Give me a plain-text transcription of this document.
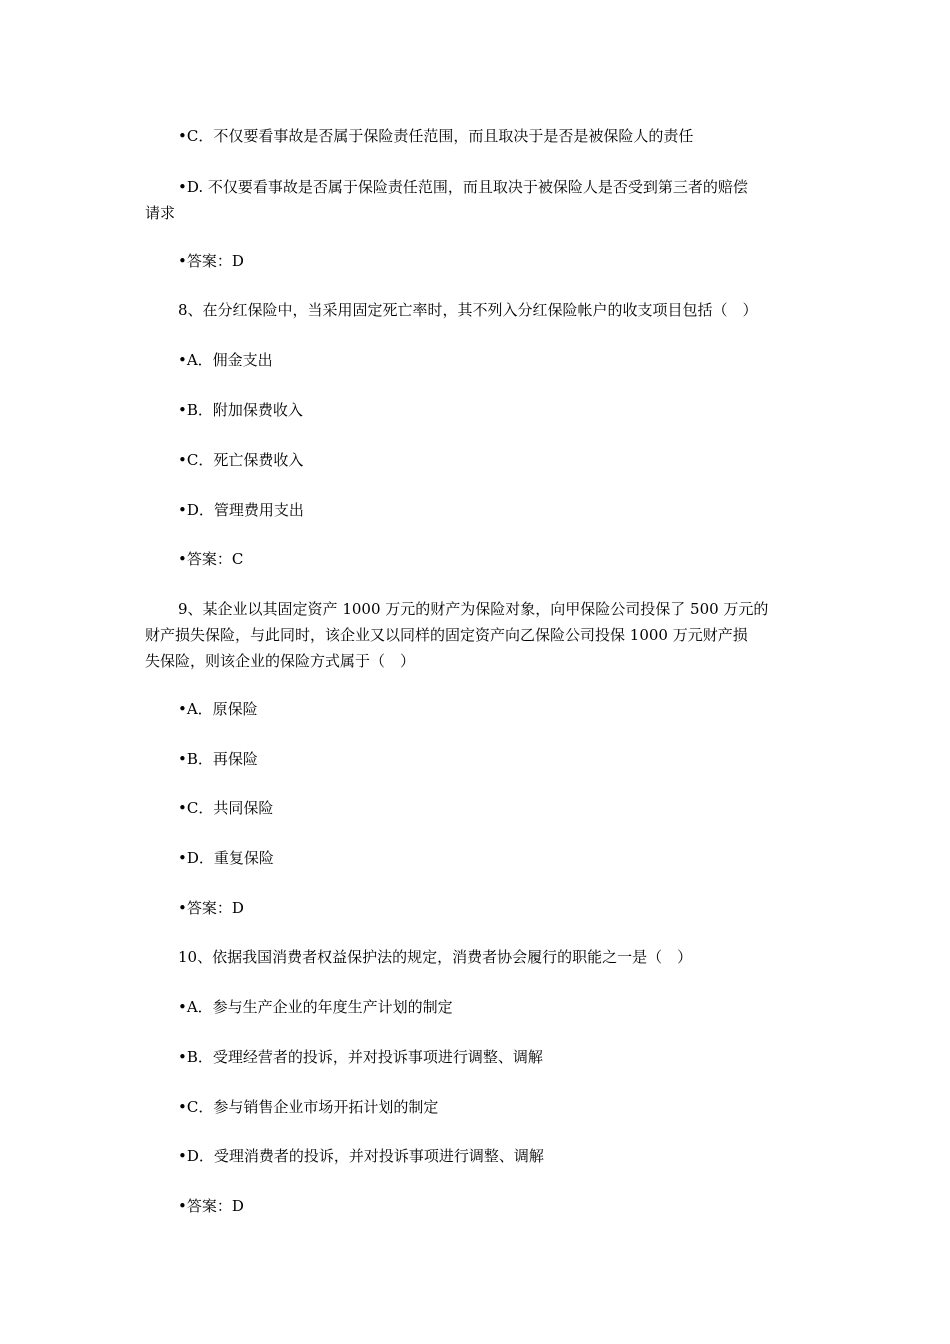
•C．不仅要看事故是否属于保险责任范围，而且取决于是否是被保险人的责任
•D. 不仅要看事故是否属于保险责任范围，而且取决于被保险人是否受到第三者的赔偿
请求
•答案：D
8、在分红保险中，当采用固定死亡率时，其不列入分红保险帐户的收支项目包括（　）
•A．佣金支出
•B．附加保费收入
•C．死亡保费收入
•D．管理费用支出
•答案：C
9、某企业以其固定资产 1000 万元的财产为保险对象，向甲保险公司投保了 500 万元的
财产损失保险，与此同时，该企业又以同样的固定资产向乙保险公司投保 1000 万元财产损
失保险，则该企业的保险方式属于（　）
•A．原保险
•B．再保险
•C．共同保险
•D．重复保险
•答案：D
10、依据我国消费者权益保护法的规定，消费者协会履行的职能之一是（　）
•A．参与生产企业的年度生产计划的制定
•B．受理经营者的投诉，并对投诉事项进行调整、调解
•C．参与销售企业市场开拓计划的制定
•D．受理消费者的投诉，并对投诉事项进行调整、调解
•答案：D
